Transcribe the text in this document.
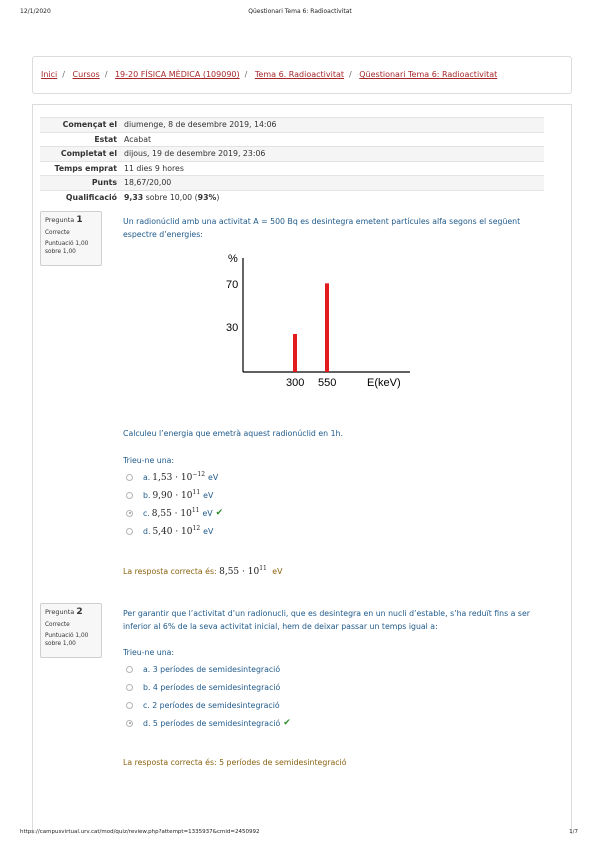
12/1/2020	Qüestionari Tema 6: Radioactivitat
Inici / Cursos / 19-20 FÍSICA MÈDICA (109090) / Tema 6. Radioactivitat / Qüestionari Tema 6: Radioactivitat
Començat el	diumenge, 8 de desembre 2019, 14:06
Estat	Acabat
Completat el	dijous, 19 de desembre 2019, 23:06
Temps emprat	11 dies 9 hores
Punts	18,67/20,00
Qualificació	9,33 sobre 10,00 (93%)
Pregunta 1
Correcte
Puntuació 1,00
sobre 1,00
Un radionúclid amb una activitat A = 500 Bq es desintegra emetent partícules alfa segons el següent espectre d’energies:
%
70
30
300 550	E(keV)
Calculeu l’energia que emetrà aquest radionúclid en 1h.
Trieu-ne una:
a. $1,53 \cdot 10^{-12}$ eV
b. $9,90 \cdot 10^{11}$ eV
c. $8,55 \cdot 10^{11}$ eV ✔
d. $5,40 \cdot 10^{12}$ eV
La resposta correcta és: $8,55 \cdot 10^{11}$ eV
Pregunta 2
Correcte
Puntuació 1,00
sobre 1,00
Per garantir que l’activitat d’un radionucli, que es desintegra en un nucli d’estable, s’ha reduït fins a ser inferior al 6% de la seva activitat inicial, hem de deixar passar un temps igual a:
Trieu-ne una:
a. 3 períodes de semidesintegració
b. 4 períodes de semidesintegració
c. 2 períodes de semidesintegració
d. 5 períodes de semidesintegració ✔
La resposta correcta és: 5 períodes de semidesintegració
https://campusvirtual.urv.cat/mod/quiz/review.php?attempt=1335937&cmid=2450992	1/7
